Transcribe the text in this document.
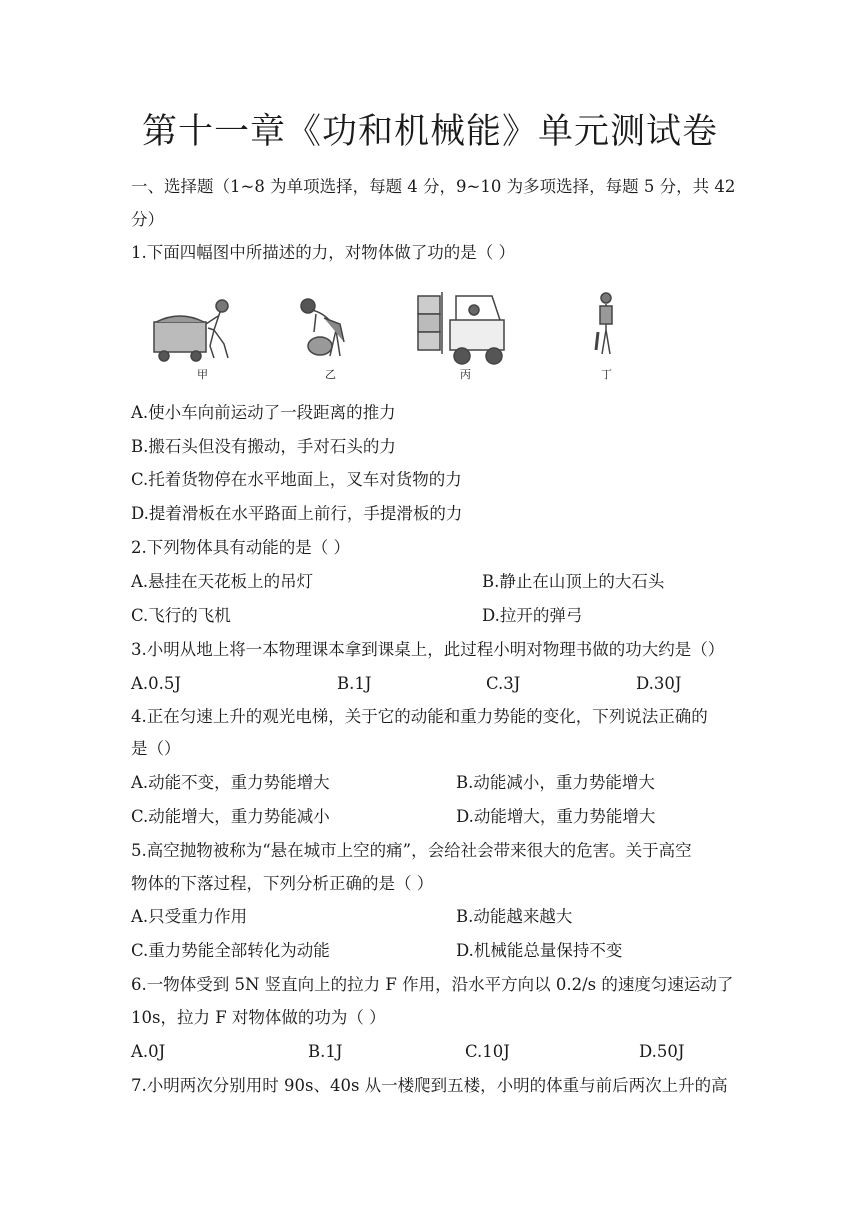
第十一章《功和机械能》单元测试卷
一、选择题（1~8 为单项选择，每题 4 分，9~10 为多项选择，每题 5 分，共 42
分）
1.下面四幅图中所描述的力，对物体做了功的是（ ）
甲	乙	丙	丁
A.使小车向前运动了一段距离的推力
B.搬石头但没有搬动，手对石头的力
C.托着货物停在水平地面上，叉车对货物的力
D.提着滑板在水平路面上前行，手提滑板的力
2.下列物体具有动能的是（ ）
A.悬挂在天花板上的吊灯	B.静止在山顶上的大石头
C.飞行的飞机	D.拉开的弹弓
3.小明从地上将一本物理课本拿到课桌上，此过程小明对物理书做的功大约是（）
A.0.5J	B.1J	C.3J	D.30J
4.正在匀速上升的观光电梯，关于它的动能和重力势能的变化，下列说法正确的
是（）
A.动能不变，重力势能增大	B.动能减小，重力势能增大
C.动能增大，重力势能减小	D.动能增大，重力势能增大
5.高空抛物被称为“悬在城市上空的痛”，会给社会带来很大的危害。关于高空
物体的下落过程，下列分析正确的是（ ）
A.只受重力作用	B.动能越来越大
C.重力势能全部转化为动能	D.机械能总量保持不变
6.一物体受到 5N 竖直向上的拉力 F 作用，沿水平方向以 0.2/s 的速度匀速运动了
10s，拉力 F 对物体做的功为（ ）
A.0J	B.1J	C.10J	D.50J
7.小明两次分别用时 90s、40s 从一楼爬到五楼，小明的体重与前后两次上升的高
